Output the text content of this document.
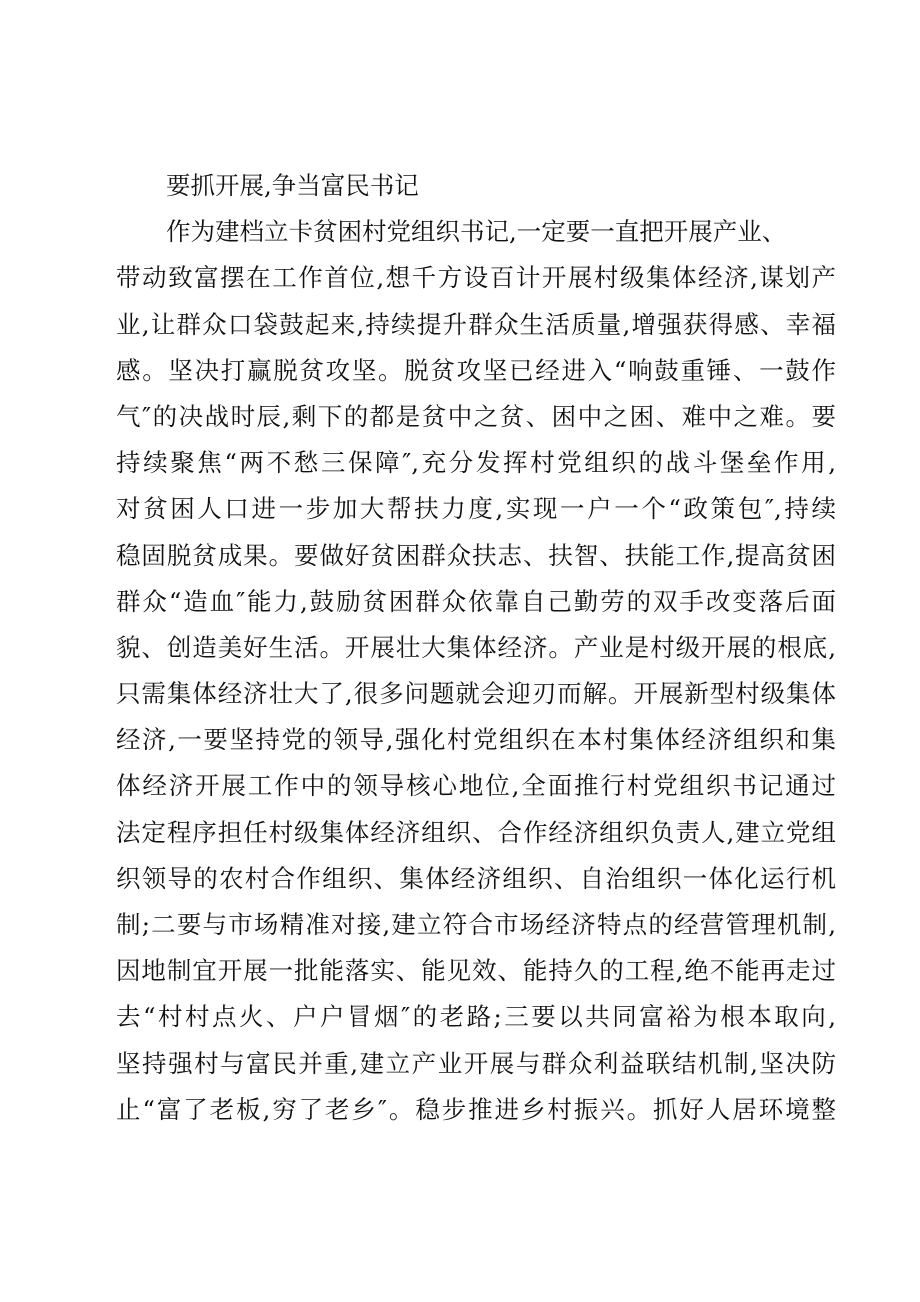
要抓开展,争当富民书记
作为建档立卡贫困村党组织书记,一定要一直把开展产业、
带动致富摆在工作首位,想千方设百计开展村级集体经济,谋划产
业,让群众口袋鼓起来,持续提升群众生活质量,增强获得感、幸福
感。坚决打赢脱贫攻坚。脱贫攻坚已经进入“响鼓重锤、一鼓作
气″的决战时辰,剩下的都是贫中之贫、困中之困、难中之难。要
持续聚焦“两不愁三保障″,充分发挥村党组织的战斗堡垒作用,
对贫困人口进一步加大帮扶力度,实现一户一个“政策包″,持续
稳固脱贫成果。要做好贫困群众扶志、扶智、扶能工作,提高贫困
群众“造血″能力,鼓励贫困群众依靠自己勤劳的双手改变落后面
貌、创造美好生活。开展壮大集体经济。产业是村级开展的根底,
只需集体经济壮大了,很多问题就会迎刃而解。开展新型村级集体
经济,一要坚持党的领导,强化村党组织在本村集体经济组织和集
体经济开展工作中的领导核心地位,全面推行村党组织书记通过
法定程序担任村级集体经济组织、合作经济组织负责人,建立党组
织领导的农村合作组织、集体经济组织、自治组织一体化运行机
制;二要与市场精准对接,建立符合市场经济特点的经营管理机制,
因地制宜开展一批能落实、能见效、能持久的工程,绝不能再走过
去“村村点火、户户冒烟″的老路;三要以共同富裕为根本取向,
坚持强村与富民并重,建立产业开展与群众利益联结机制,坚决防
止“富了老板,穷了老乡″。稳步推进乡村振兴。抓好人居环境整
